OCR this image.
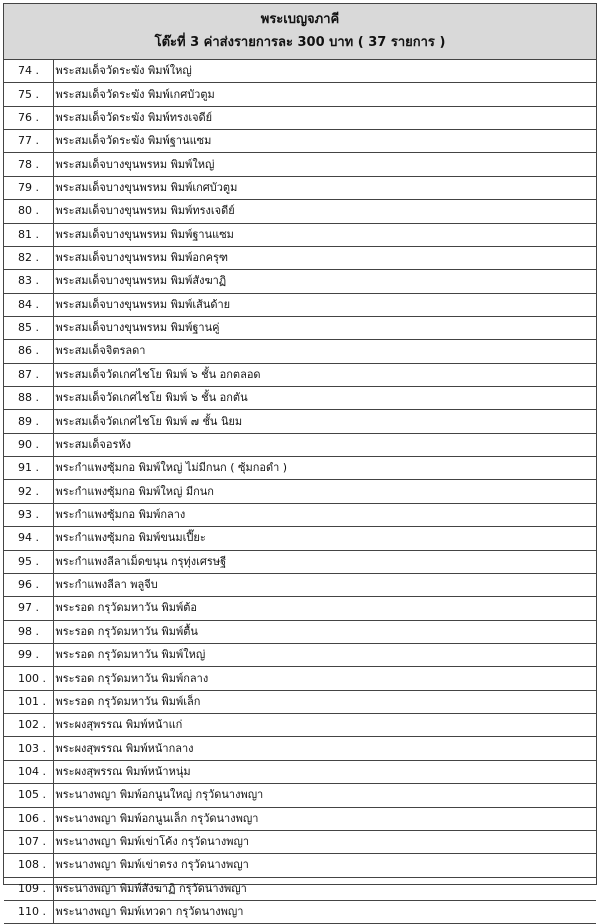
พระเบญจภาคี
โต๊ะที่ 3 ค่าส่งรายการละ 300 บาท ( 37 รายการ )
74 .	พระสมเด็จวัดระฆัง พิมพ์ใหญ่
75 .	พระสมเด็จวัดระฆัง พิมพ์เกศบัวตูม
76 .	พระสมเด็จวัดระฆัง พิมพ์ทรงเจดีย์
77 .	พระสมเด็จวัดระฆัง พิมพ์ฐานแซม
78 .	พระสมเด็จบางขุนพรหม พิมพ์ใหญ่
79 .	พระสมเด็จบางขุนพรหม พิมพ์เกศบัวตูม
80 .	พระสมเด็จบางขุนพรหม พิมพ์ทรงเจดีย์
81 .	พระสมเด็จบางขุนพรหม พิมพ์ฐานแซม
82 .	พระสมเด็จบางขุนพรหม พิมพ์อกครุฑ
83 .	พระสมเด็จบางขุนพรหม พิมพ์สังฆาฏิ
84 .	พระสมเด็จบางขุนพรหม พิมพ์เส้นด้าย
85 .	พระสมเด็จบางขุนพรหม พิมพ์ฐานคู่
86 .	พระสมเด็จจิตรลดา
87 .	พระสมเด็จวัดเกศไชโย พิมพ์ ๖ ชั้น อกตลอด
88 .	พระสมเด็จวัดเกศไชโย พิมพ์ ๖ ชั้น อกตัน
89 .	พระสมเด็จวัดเกศไชโย พิมพ์ ๗ ชั้น นิยม
90 .	พระสมเด็จอรหัง
91 .	พระกำแพงซุ้มกอ พิมพ์ใหญ่ ไม่มีกนก ( ซุ้มกอดำ )
92 .	พระกำแพงซุ้มกอ พิมพ์ใหญ่ มีกนก
93 .	พระกำแพงซุ้มกอ พิมพ์กลาง
94 .	พระกำแพงซุ้มกอ พิมพ์ขนมเปี๊ยะ
95 .	พระกำแพงลีลาเม็ดขนุน กรุทุ่งเศรษฐี
96 .	พระกำแพงลีลา พลูจีบ
97 .	พระรอด กรุวัดมหาวัน พิมพ์ต้อ
98 .	พระรอด กรุวัดมหาวัน พิมพ์ตื้น
99 .	พระรอด กรุวัดมหาวัน พิมพ์ใหญ่
100 .	พระรอด กรุวัดมหาวัน พิมพ์กลาง
101 .	พระรอด กรุวัดมหาวัน พิมพ์เล็ก
102 .	พระผงสุพรรณ พิมพ์หน้าแก่
103 .	พระผงสุพรรณ พิมพ์หน้ากลาง
104 .	พระผงสุพรรณ พิมพ์หน้าหนุ่ม
105 .	พระนางพญา พิมพ์อกนูนใหญ่ กรุวัดนางพญา
106 .	พระนางพญา พิมพ์อกนูนเล็ก กรุวัดนางพญา
107 .	พระนางพญา พิมพ์เข่าโค้ง กรุวัดนางพญา
108 .	พระนางพญา พิมพ์เข่าตรง กรุวัดนางพญา
109 .	พระนางพญา พิมพ์สังฆาฏิ กรุวัดนางพญา
110 .	พระนางพญา พิมพ์เทวดา กรุวัดนางพญา
